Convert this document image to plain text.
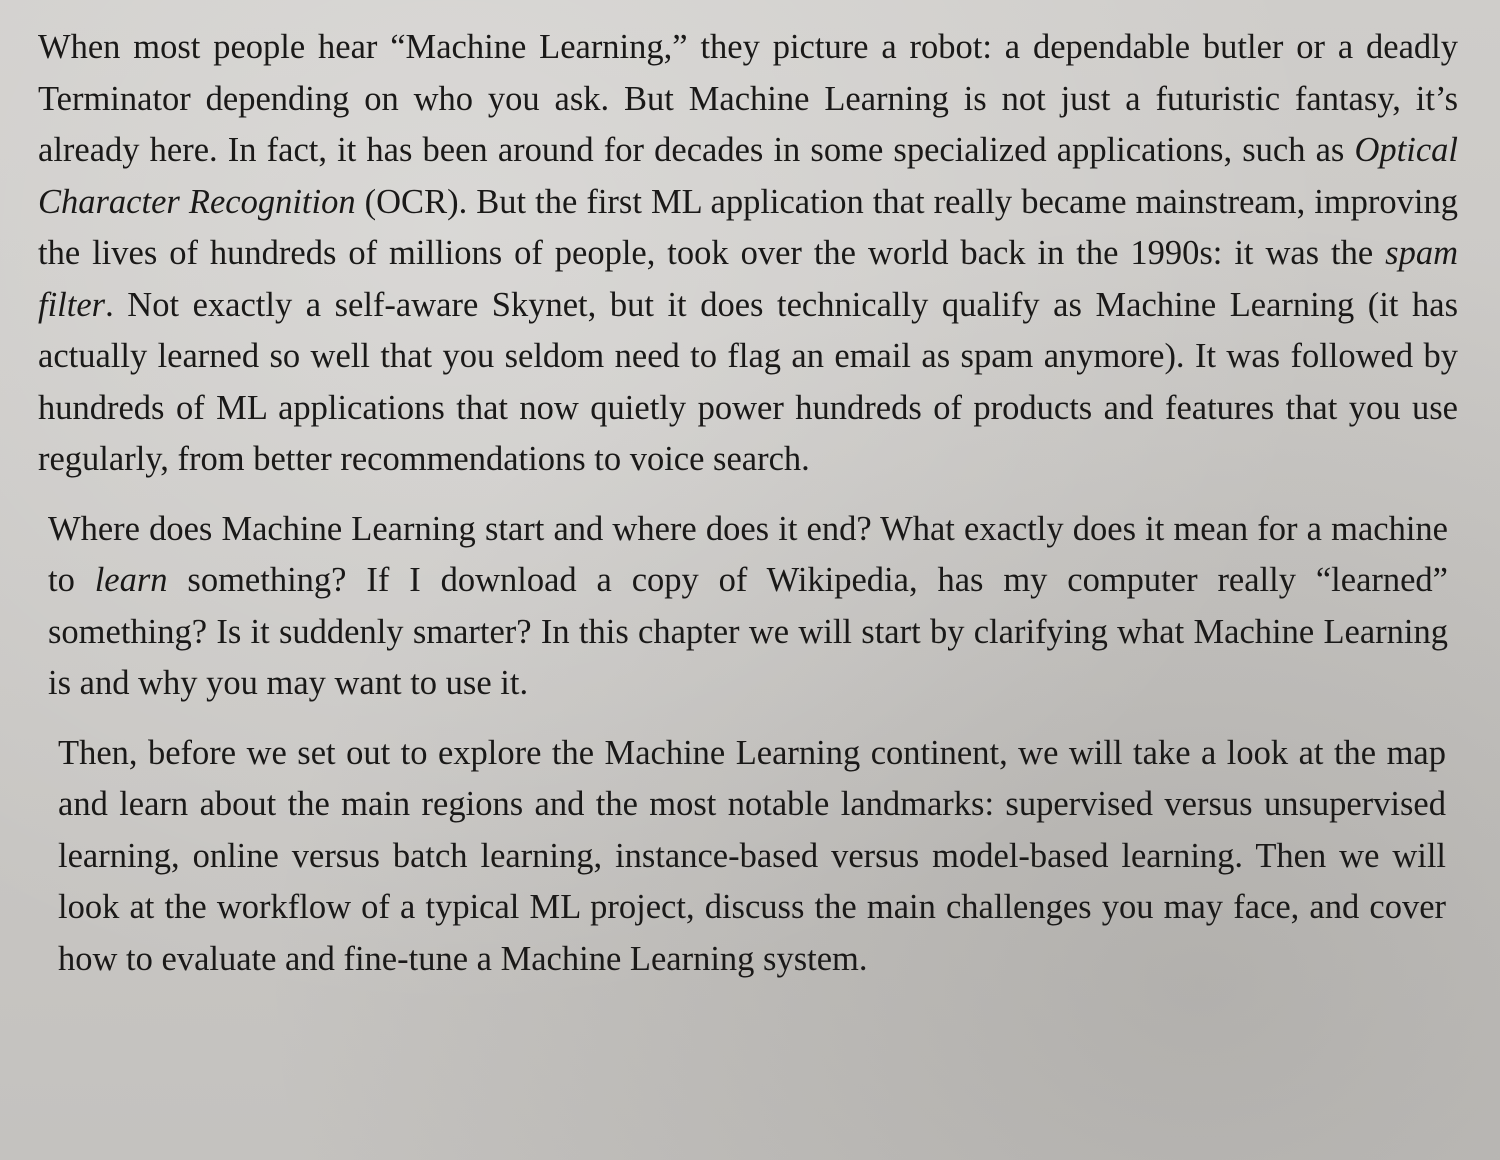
When most people hear “Machine Learning,” they picture a robot: a dependable butler or a deadly Terminator depending on who you ask. But Machine Learning is not just a futuristic fantasy, it’s already here. In fact, it has been around for decades in some specialized applications, such as Optical Character Recognition (OCR). But the first ML application that really became mainstream, improving the lives of hundreds of millions of people, took over the world back in the 1990s: it was the spam filter. Not exactly a self-aware Skynet, but it does technically qualify as Machine Learning (it has actually learned so well that you seldom need to flag an email as spam anymore). It was followed by hundreds of ML applications that now quietly power hundreds of products and features that you use regularly, from better recommendations to voice search.

Where does Machine Learning start and where does it end? What exactly does it mean for a machine to learn something? If I download a copy of Wikipedia, has my computer really “learned” something? Is it suddenly smarter? In this chapter we will start by clarifying what Machine Learning is and why you may want to use it.

Then, before we set out to explore the Machine Learning continent, we will take a look at the map and learn about the main regions and the most notable landmarks: supervised versus unsupervised learning, online versus batch learning, instance-based versus model-based learning. Then we will look at the workflow of a typical ML project, discuss the main challenges you may face, and cover how to evaluate and fine-tune a Machine Learning system.
